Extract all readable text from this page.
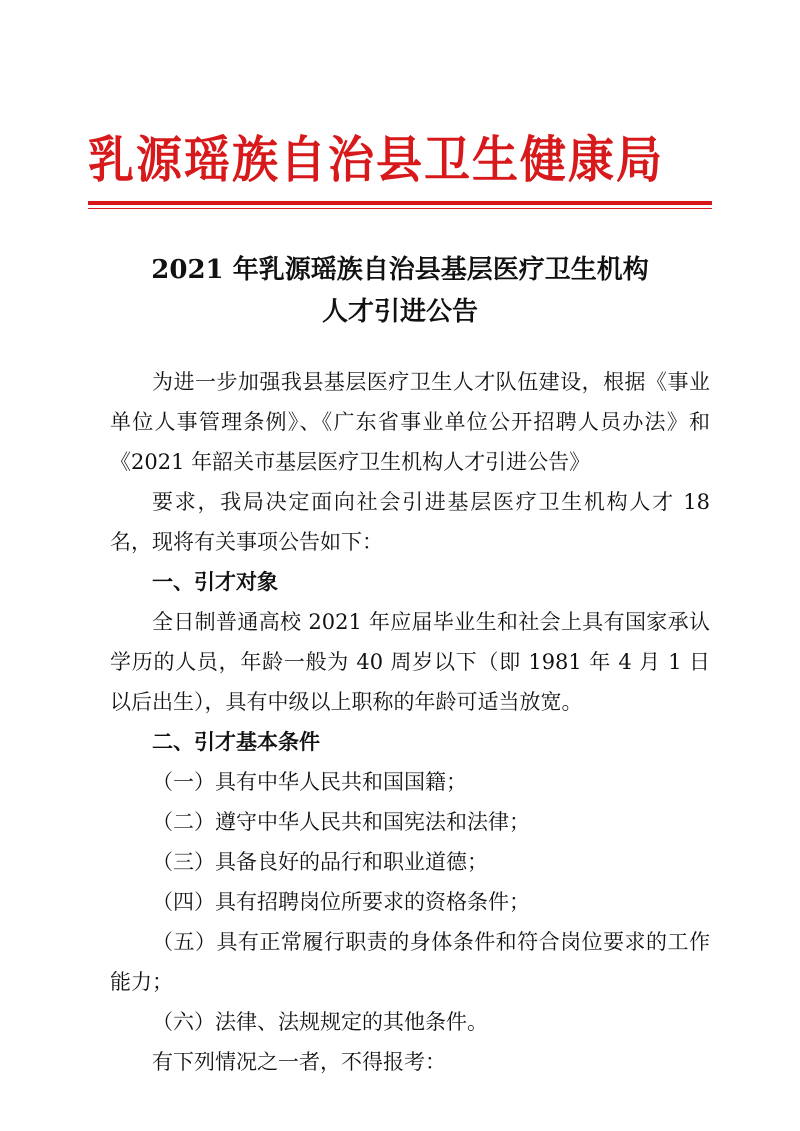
乳 源 瑶 族 自 治 县 卫 生 健 康 局
2021 年乳源瑶族自治县基层医疗卫生机构
人才引进公告

为进一步加强我县基层医疗卫生人才队伍建设，根据《事业单位人事管理条例》、《广东省事业单位公开招聘人员办法》和《2021 年韶关市基层医疗卫生机构人才引进公告》

要求，我局决定面向社会引进基层医疗卫生机构人才 18 名，现将有关事项公告如下：

一、引才对象

全日制普通高校 2021 年应届毕业生和社会上具有国家承认学历的人员，年龄一般为 40 周岁以下（即 1981 年 4 月 1 日以后出生），具有中级以上职称的年龄可适当放宽。

二、引才基本条件

（一）具有中华人民共和国国籍；

（二）遵守中华人民共和国宪法和法律；

（三）具备良好的品行和职业道德；

（四）具有招聘岗位所要求的资格条件；

（五）具有正常履行职责的身体条件和符合岗位要求的工作能力；

（六）法律、法规规定的其他条件。

有下列情况之一者，不得报考：
